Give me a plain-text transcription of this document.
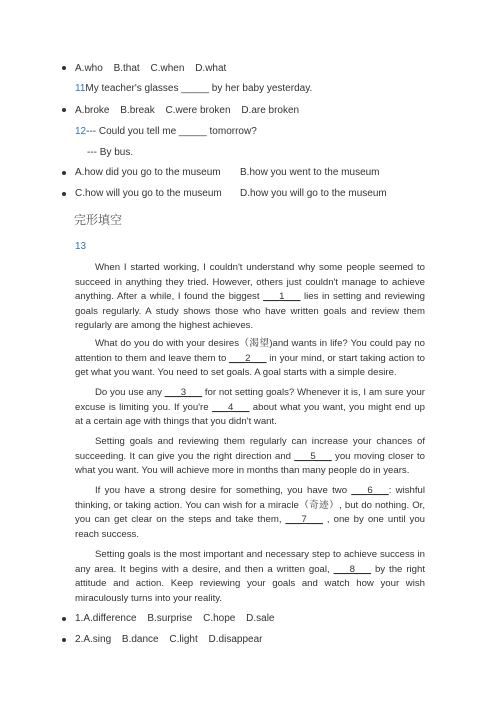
A.who B.that C.when D.what
11My teacher's glasses _____ by her baby yesterday.
A.broke B.break C.were broken D.are broken
12--- Could you tell me _____ tomorrow?
--- By bus.
A.how did you go to the museum B.how you went to the museum
C.how will you go to the museum D.how you will go to the museum
完形填空
13
When I started working, I couldn't understand why some people seemed to succeed in anything they tried. However, others just couldn't manage to achieve anything. After a while, I found the biggest ___1___ lies in setting and reviewing goals regularly. A study shows those who have written goals and review them regularly are among the highest achieves.
What do you do with your desires（渴望)and wants in life? You could pay no attention to them and leave them to ___2___ in your mind, or start taking action to get what you want. You need to set goals. A goal starts with a simple desire.
Do you use any ___3___ for not setting goals? Whenever it is, I am sure your excuse is limiting you. If you're ___4___ about what you want, you might end up at a certain age with things that you didn't want.
Setting goals and reviewing them regularly can increase your chances of succeeding. It can give you the right direction and ___5___ you moving closer to what you want. You will achieve more in months than many people do in years.
If you have a strong desire for something, you have two ___6___: wishful thinking, or taking action. You can wish for a miracle（奇迹）, but do nothing. Or, you can get clear on the steps and take them, ___7___ , one by one until you reach success.
Setting goals is the most important and necessary step to achieve success in any area. It begins with a desire, and then a written goal, ___8___ by the right attitude and action. Keep reviewing your goals and watch how your wish miraculously turns into your reality.
1.A.difference B.surprise C.hope D.sale
2.A.sing B.dance C.light D.disappear
